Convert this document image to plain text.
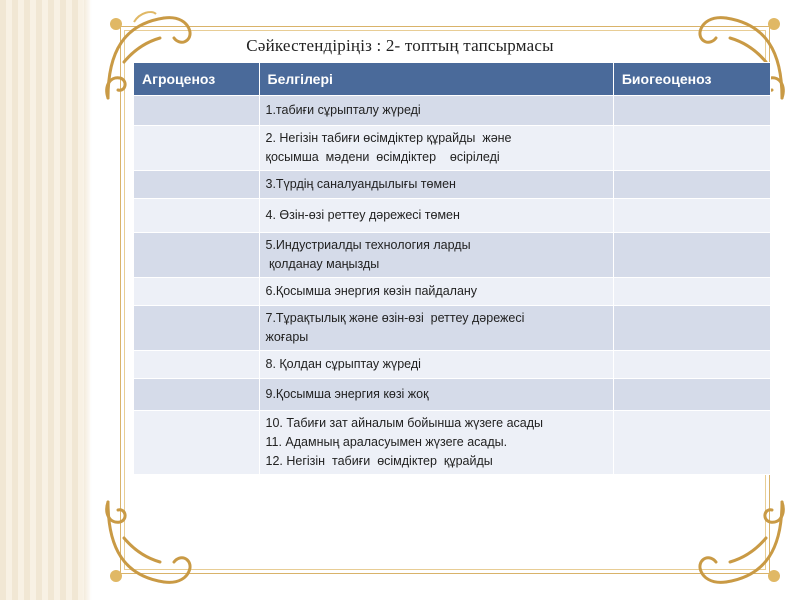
Сәйкестендіріңіз : 2- топтың тапсырмасы
Агроценоз	Белгілері	Биогеоценоз

	1.табиғи сұрыпталу жүреді	

	2. Негізін табиғи өсімдіктер құрайды  және
қосымша  мәдени  өсімдіктер    өсіріледі	

	3.Түрдің саналуандылығы төмен	

	4. Өзін-өзі реттеу дәрежесі төмен	

	5.Индустриалды технология ларды
қолданау маңызды	

	6.Қосымша энергия көзін пайдалану	

	7.Тұрақтылық және өзін-өзі  реттеу дәрежесі
жоғары	

	8. Қолдан сұрыптау жүреді	

	9.Қосымша энергия көзі жоқ	

	10. Табиғи зат айналым бойынша жүзеге асады
11. Адамның араласуымен жүзеге асады.
12. Негізін  табиғи  өсімдіктер  құрайды	
